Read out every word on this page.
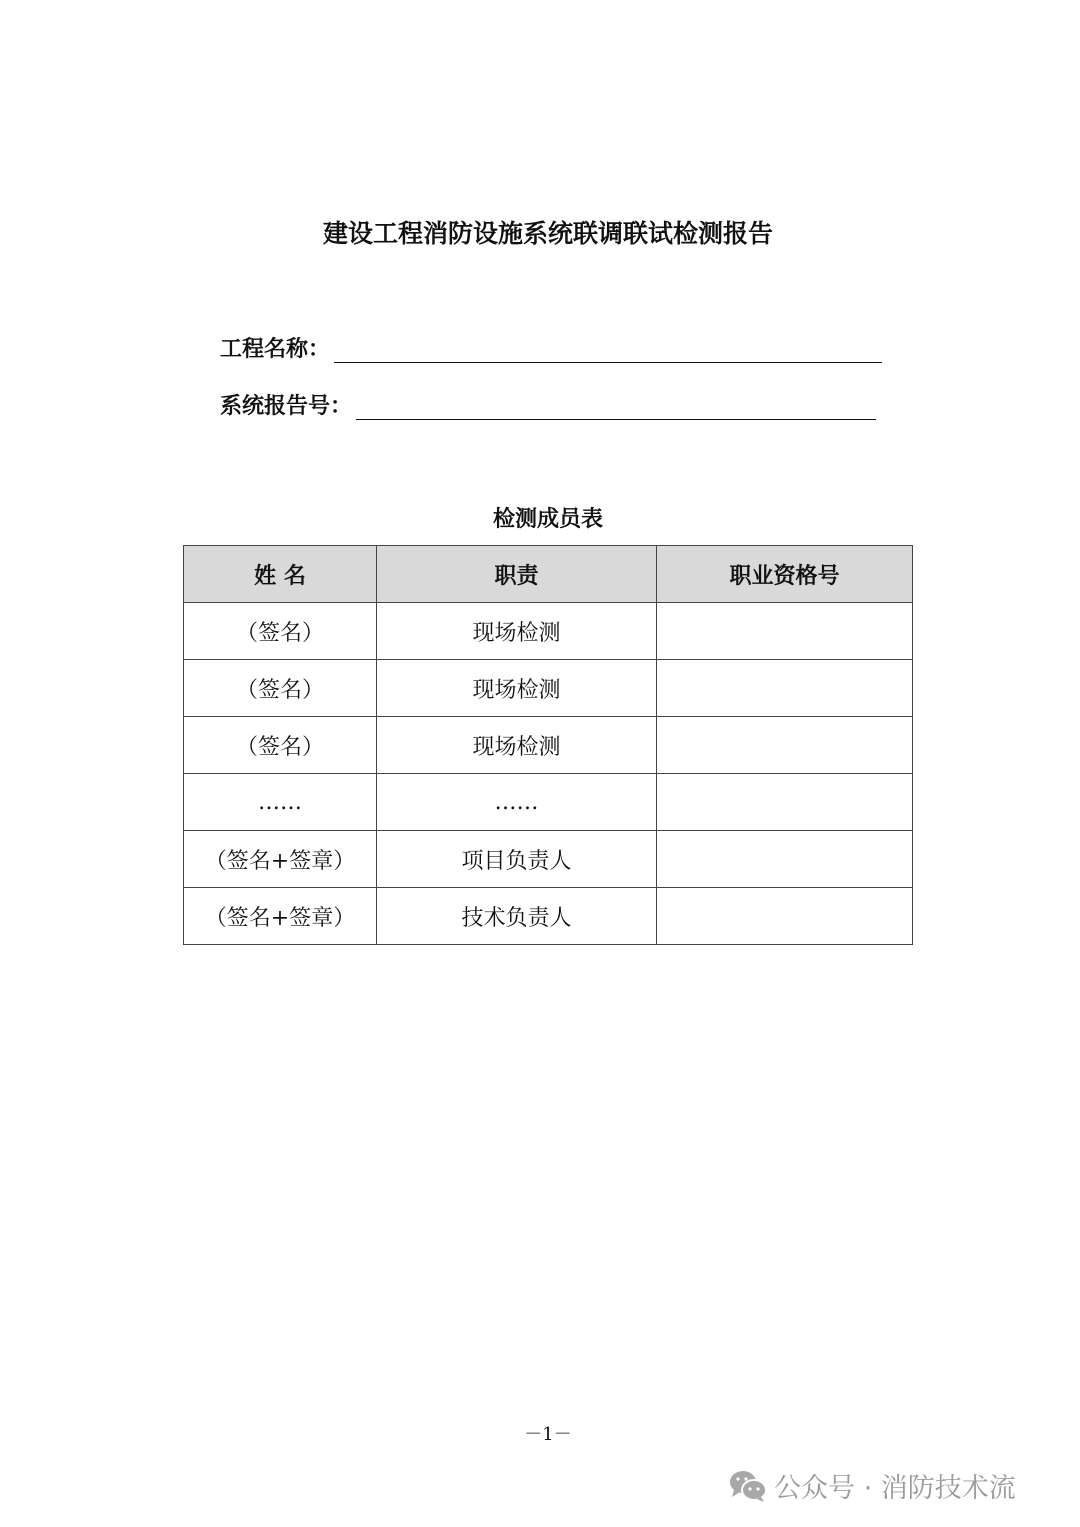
建设工程消防设施系统联调联试检测报告
工程名称：
系统报告号：
检测成员表
姓 名	职责	职业资格号
（签名）	现场检测	
（签名）	现场检测	
（签名）	现场检测	
……	……	
（签名+签章）	项目负责人	
（签名+签章）	技术负责人	
－1－
公众号 · 消防技术流
